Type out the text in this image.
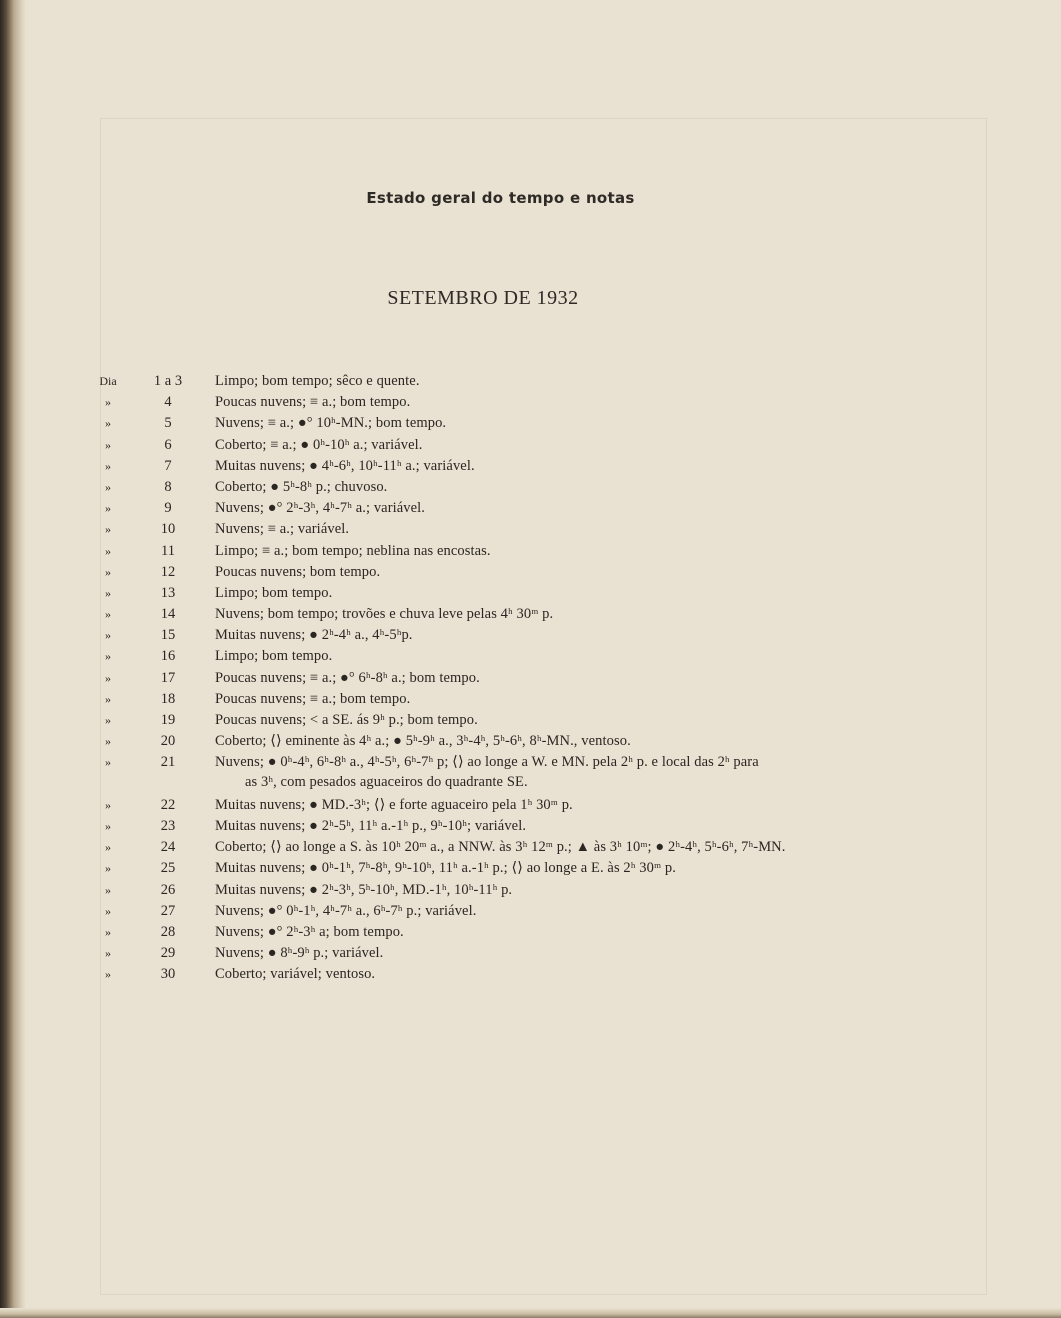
Estado geral do tempo e notas
SETEMBRO DE 1932
Dia	1 a 3	Limpo; bom tempo; sêco e quente.
»	4	Poucas nuvens; ≡ a.; bom tempo.
»	5	Nuvens; ≡ a.; ●° 10ʰ-MN.; bom tempo.
»	6	Coberto; ≡ a.; ● 0ʰ-10ʰ a.; variável.
»	7	Muitas nuvens; ● 4ʰ-6ʰ, 10ʰ-11ʰ a.; variável.
»	8	Coberto; ● 5ʰ-8ʰ p.; chuvoso.
»	9	Nuvens; ●° 2ʰ-3ʰ, 4ʰ-7ʰ a.; variável.
»	10	Nuvens; ≡ a.; variável.
»	11	Limpo; ≡ a.; bom tempo; neblina nas encostas.
»	12	Poucas nuvens; bom tempo.
»	13	Limpo; bom tempo.
»	14	Nuvens; bom tempo; trovões e chuva leve pelas 4ʰ 30ᵐ p.
»	15	Muitas nuvens; ● 2ʰ-4ʰ a., 4ʰ-5ʰp.
»	16	Limpo; bom tempo.
»	17	Poucas nuvens; ≡ a.; ●° 6ʰ-8ʰ a.; bom tempo.
»	18	Poucas nuvens; ≡ a.; bom tempo.
»	19	Poucas nuvens; < a SE. ás 9ʰ p.; bom tempo.
»	20	Coberto; ⟨⟩ eminente às 4ʰ a.; ● 5ʰ-9ʰ a., 3ʰ-4ʰ, 5ʰ-6ʰ, 8ʰ-MN., ventoso.
»	21	Nuvens; ● 0ʰ-4ʰ, 6ʰ-8ʰ a., 4ʰ-5ʰ, 6ʰ-7ʰ p; ⟨⟩ ao longe a W. e MN. pela 2ʰ p. e local das 2ʰ para
as 3ʰ, com pesados aguaceiros do quadrante SE.
»	22	Muitas nuvens; ● MD.-3ʰ; ⟨⟩ e forte aguaceiro pela 1ʰ 30ᵐ p.
»	23	Muitas nuvens; ● 2ʰ-5ʰ, 11ʰ a.-1ʰ p., 9ʰ-10ʰ; variável.
»	24	Coberto; ⟨⟩ ao longe a S. às 10ʰ 20ᵐ a., a NNW. às 3ʰ 12ᵐ p.; ▲ às 3ʰ 10ᵐ; ● 2ʰ-4ʰ, 5ʰ-6ʰ, 7ʰ-MN.
»	25	Muitas nuvens; ● 0ʰ-1ʰ, 7ʰ-8ʰ, 9ʰ-10ʰ, 11ʰ a.-1ʰ p.; ⟨⟩ ao longe a E. às 2ʰ 30ᵐ p.
»	26	Muitas nuvens; ● 2ʰ-3ʰ, 5ʰ-10ʰ, MD.-1ʰ, 10ʰ-11ʰ p.
»	27	Nuvens; ●° 0ʰ-1ʰ, 4ʰ-7ʰ a., 6ʰ-7ʰ p.; variável.
»	28	Nuvens; ●° 2ʰ-3ʰ a; bom tempo.
»	29	Nuvens; ● 8ʰ-9ʰ p.; variável.
»	30	Coberto; variável; ventoso.
